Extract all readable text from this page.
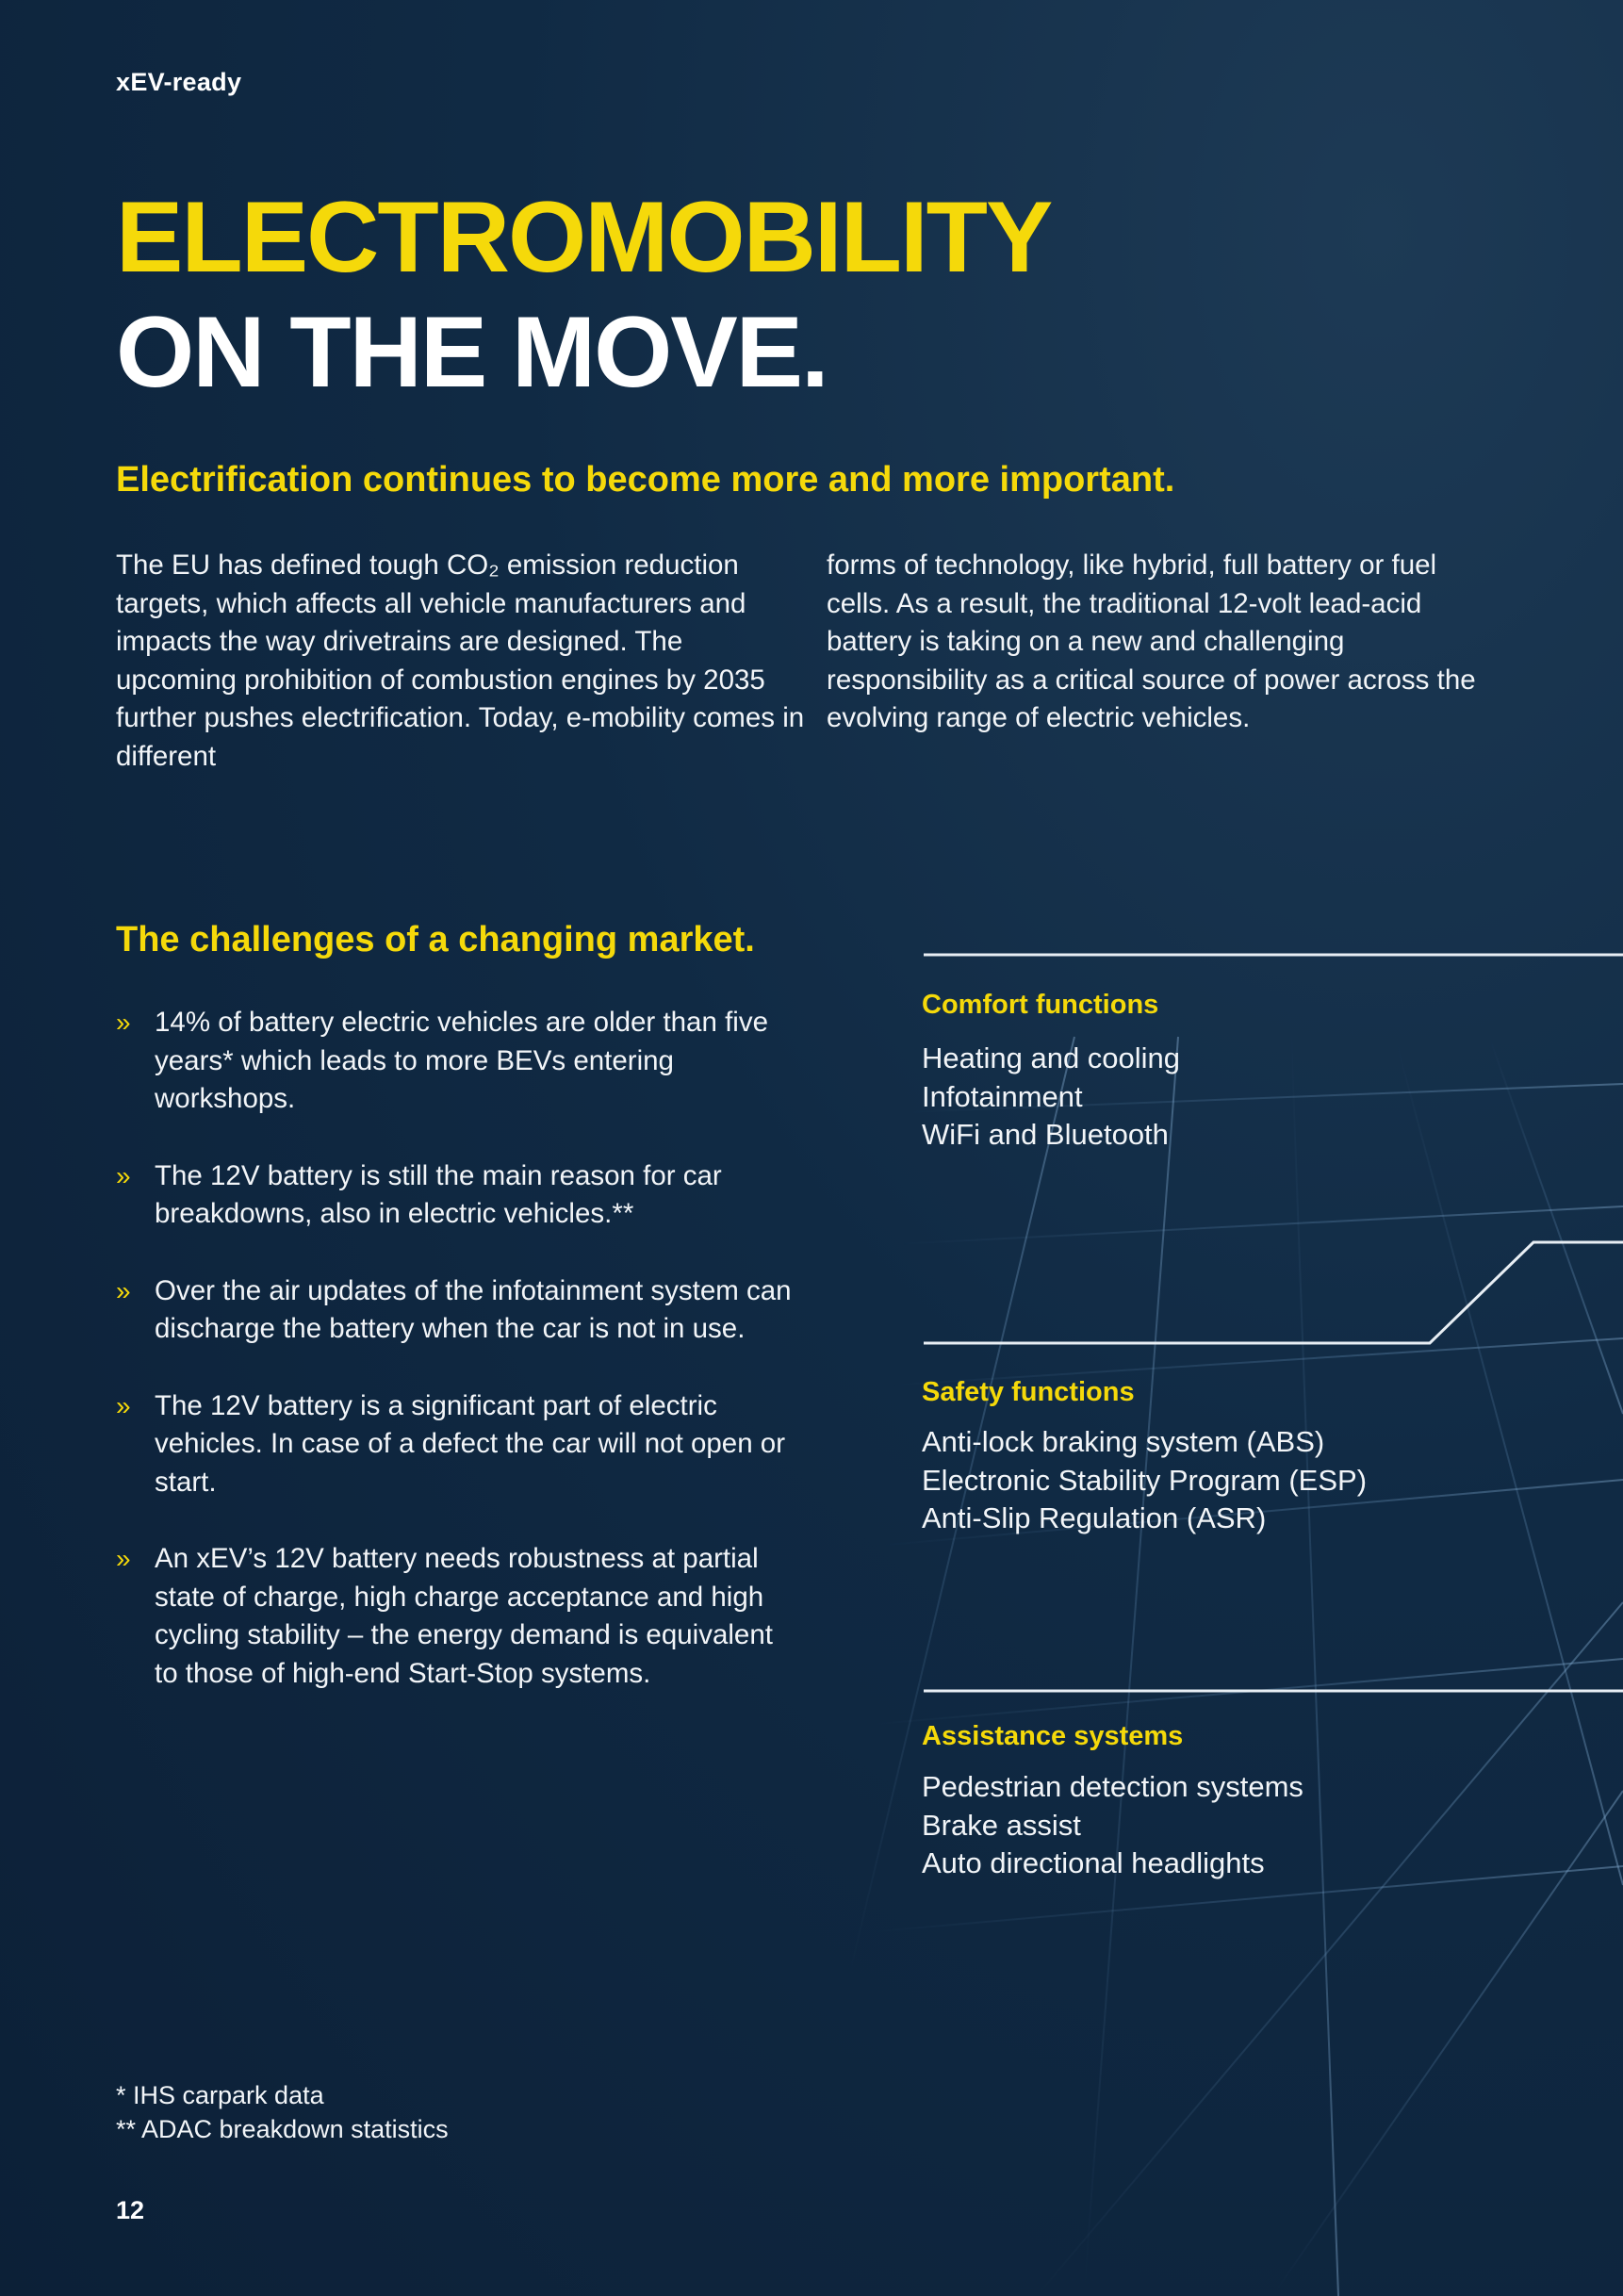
xEV-ready
ELECTROMOBILITY
ON THE MOVE.
Electrification continues to become more and more important.
The EU has defined tough CO₂ emission reduction targets, which affects all vehicle manufacturers and impacts the way drivetrains are designed. The upcoming prohibition of combustion engines by 2035 further pushes electrification. Today, e-mobility comes in different
forms of technology, like hybrid, full battery or fuel cells. As a result, the traditional 12-volt lead-acid battery is taking on a new and challenging responsibility as a critical source of power across the evolving range of electric vehicles.
The challenges of a changing market.
» 14% of battery electric vehicles are older than five years* which leads to more BEVs entering workshops.
» The 12V battery is still the main reason for car breakdowns, also in electric vehicles.**
» Over the air updates of the infotainment system can discharge the battery when the car is not in use.
» The 12V battery is a significant part of electric vehicles. In case of a defect the car will not open or start.
» An xEV’s 12V battery needs robustness at partial state of charge, high charge acceptance and high cycling stability – the energy demand is equivalent to those of high-end Start-Stop systems.
Comfort functions
Heating and cooling
Infotainment
WiFi and Bluetooth
Safety functions
Anti-lock braking system (ABS)
Electronic Stability Program (ESP)
Anti-Slip Regulation (ASR)
Assistance systems
Pedestrian detection systems
Brake assist
Auto directional headlights
* IHS carpark data
** ADAC breakdown statistics
12
